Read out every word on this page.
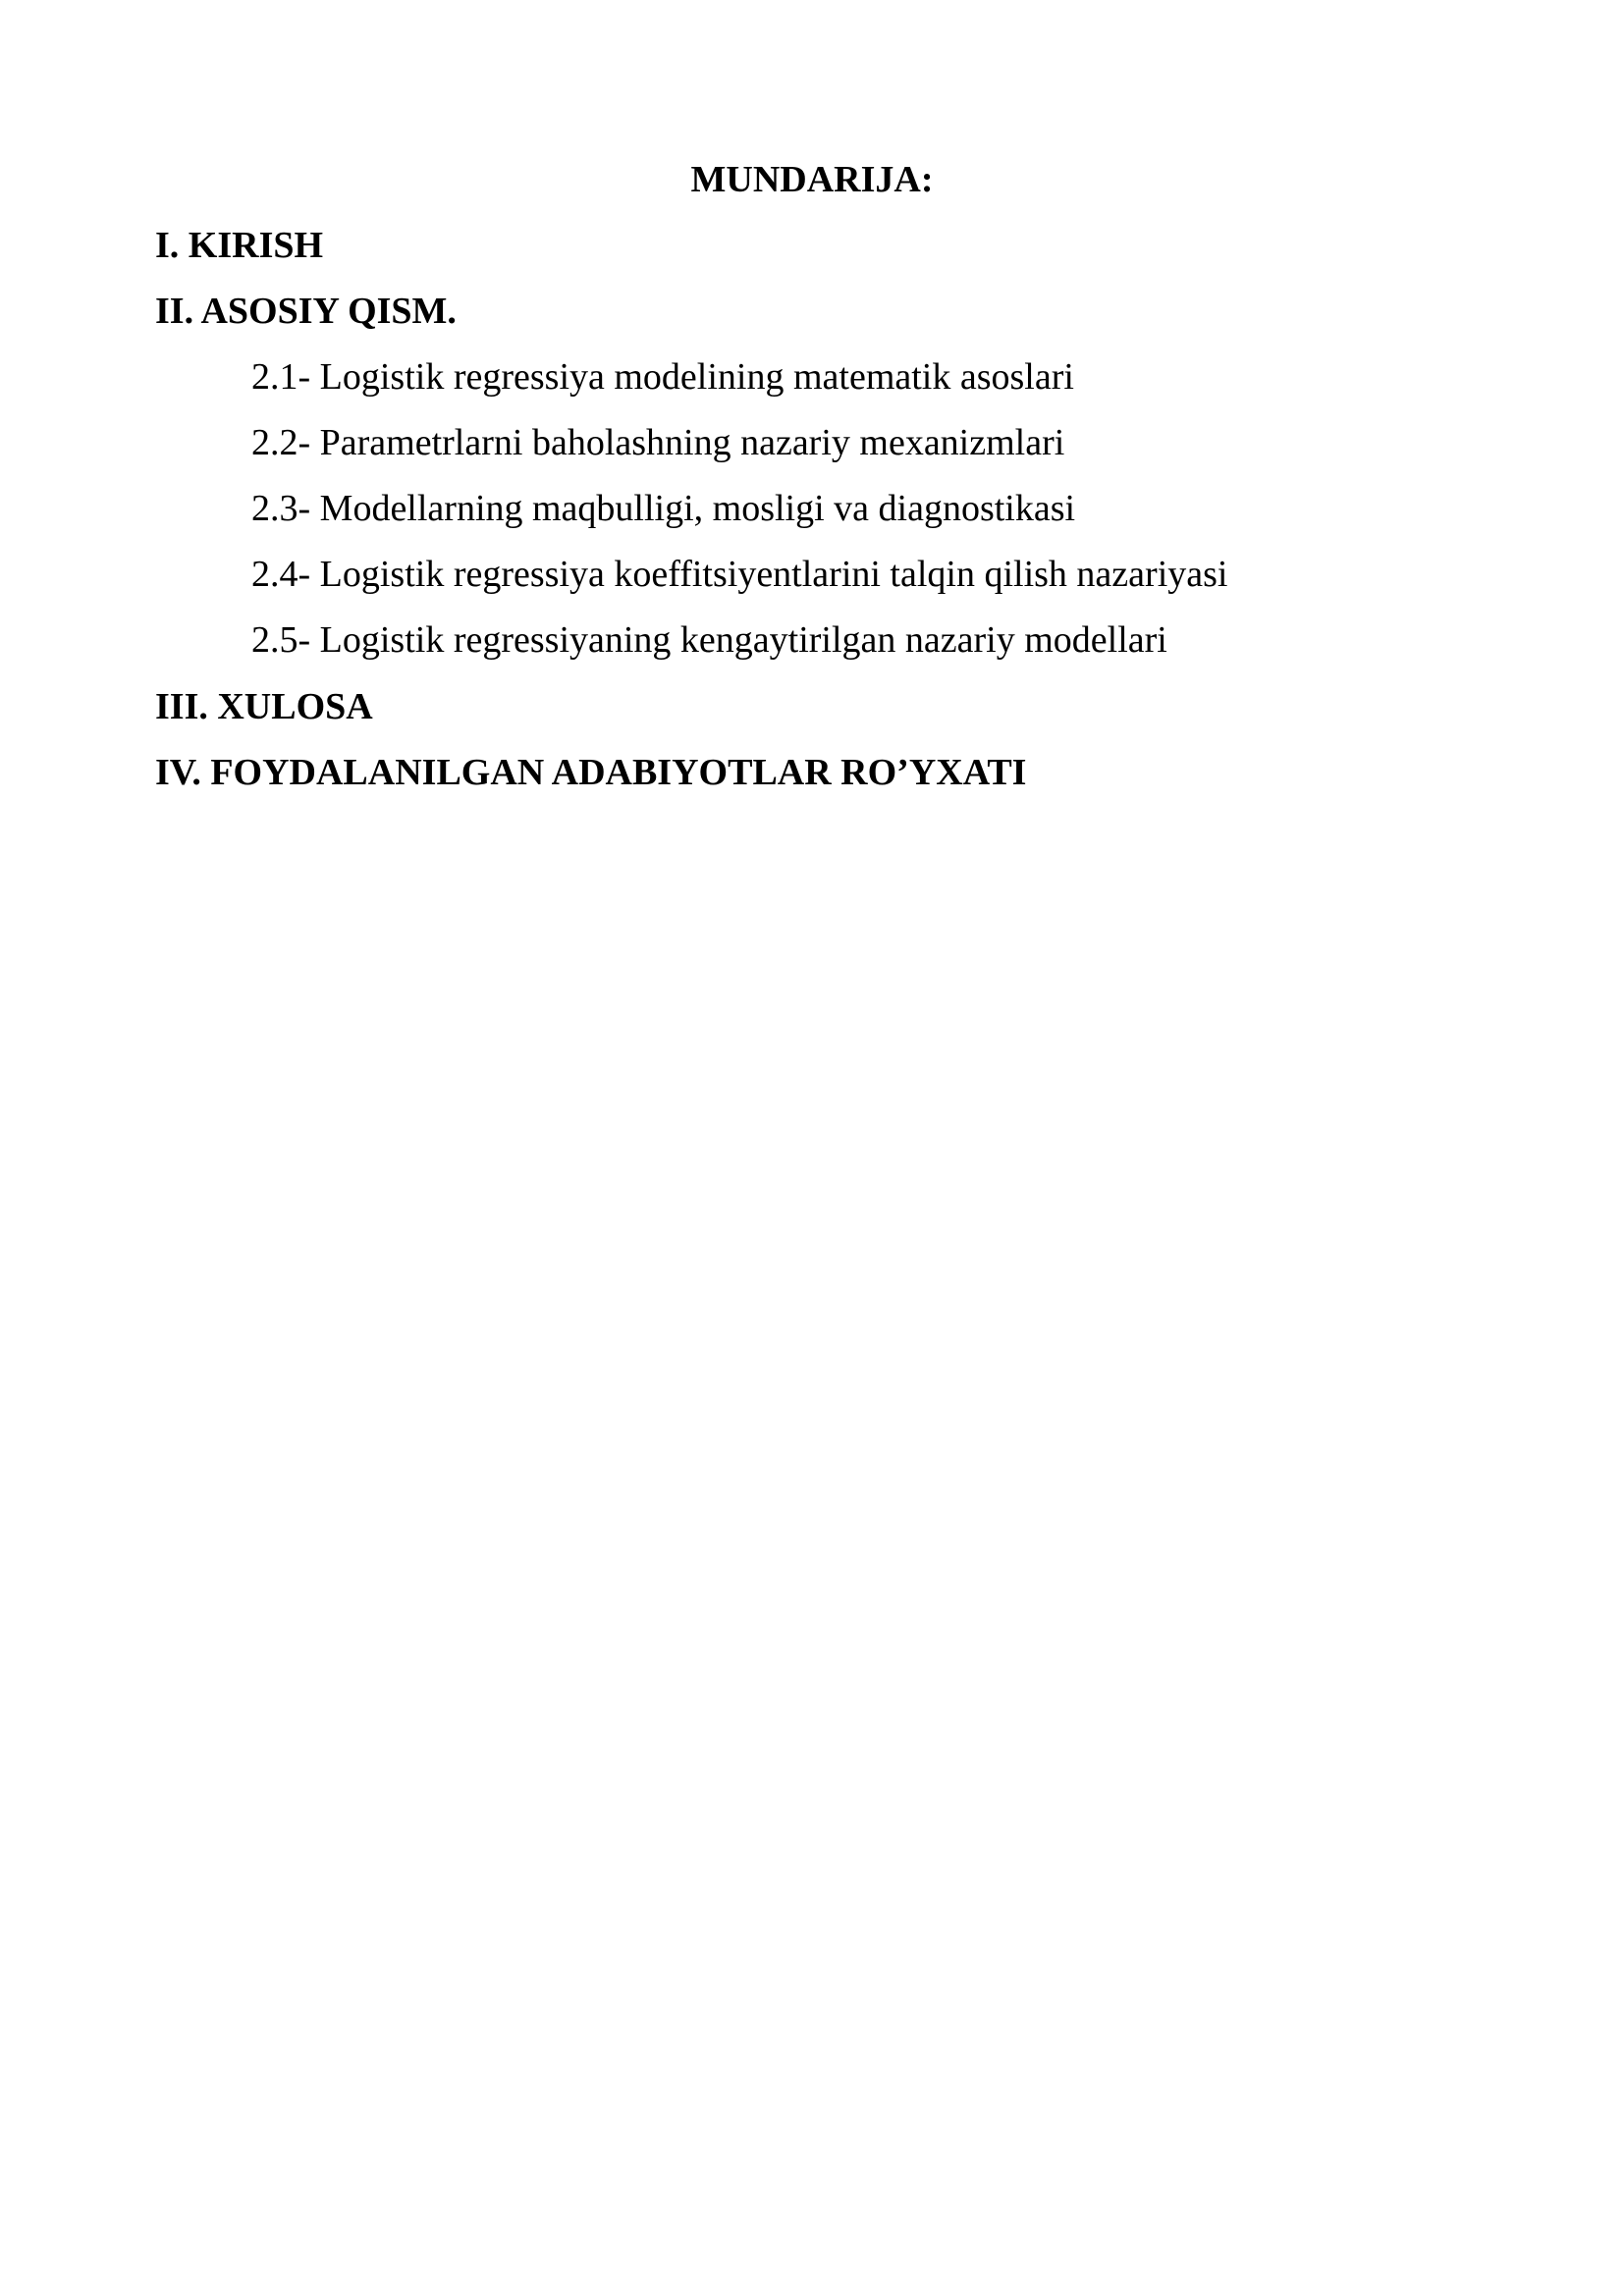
MUNDARIJA:
I. KIRISH
II. ASOSIY QISM.
2.1- Logistik regressiya modelining matematik asoslari
2.2- Parametrlarni baholashning nazariy mexanizmlari
2.3- Modellarning maqbulligi, mosligi va diagnostikasi
2.4- Logistik regressiya koeffitsiyentlarini talqin qilish nazariyasi
2.5- Logistik regressiyaning kengaytirilgan nazariy modellari
III. XULOSA
IV. FOYDALANILGAN ADABIYOTLAR RO’YXATI
